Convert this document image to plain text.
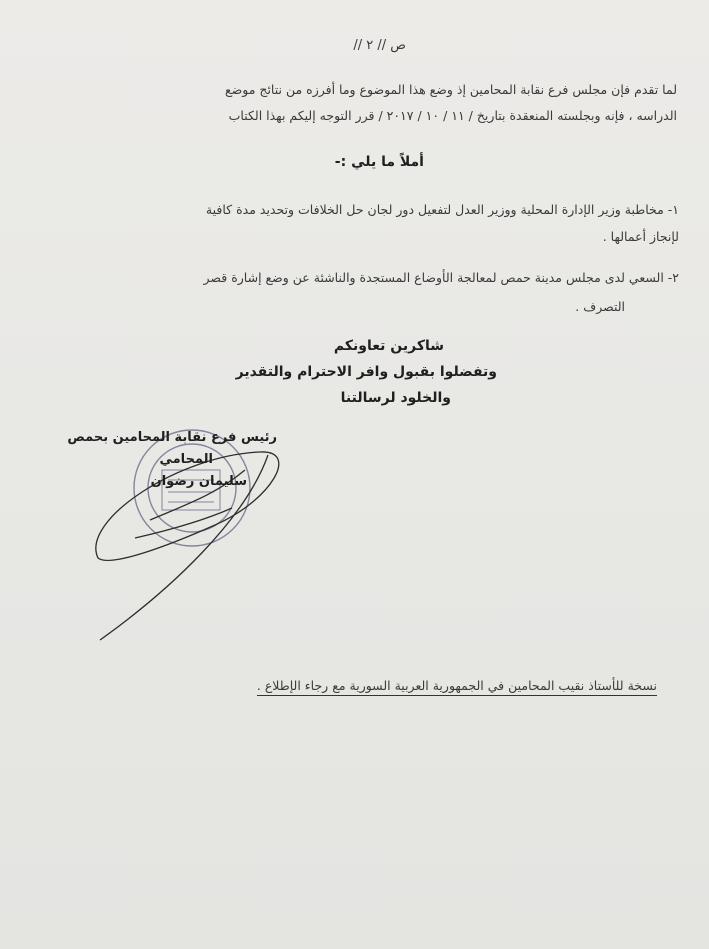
ص // ٢ //
لما تقدم فإن مجلس فرع نقابة المحامين إذ وضع هذا الموضوع وما أفرزه من نتائج موضع
الدراسه ، فإنه وبجلسته المنعقدة بتاريخ / ١١ / ١٠ / ٢٠١٧ / قرر التوجه إليكم بهذا الكتاب
أملاً ما يلي :-
١- مخاطبة وزير الإدارة المحلية ووزير العدل لتفعيل دور لجان حل الخلافات وتحديد مدة كافية
لإنجاز أعمالها .
٢- السعي لدى مجلس مدينة حمص لمعالجة الأوضاع المستجدة والناشئة عن وضع إشارة قصر
التصرف .
شاكرين تعاونكم
وتفضلوا بقبول وافر الاحترام والتقدير
والخلود لرسالتنا
رئيس فرع نقابة المحامين بحمص
المحامي
سليمان رضوان
نسخة للأستاذ نقيب المحامين في الجمهورية العربية السورية مع رجاء الإطلاع .
